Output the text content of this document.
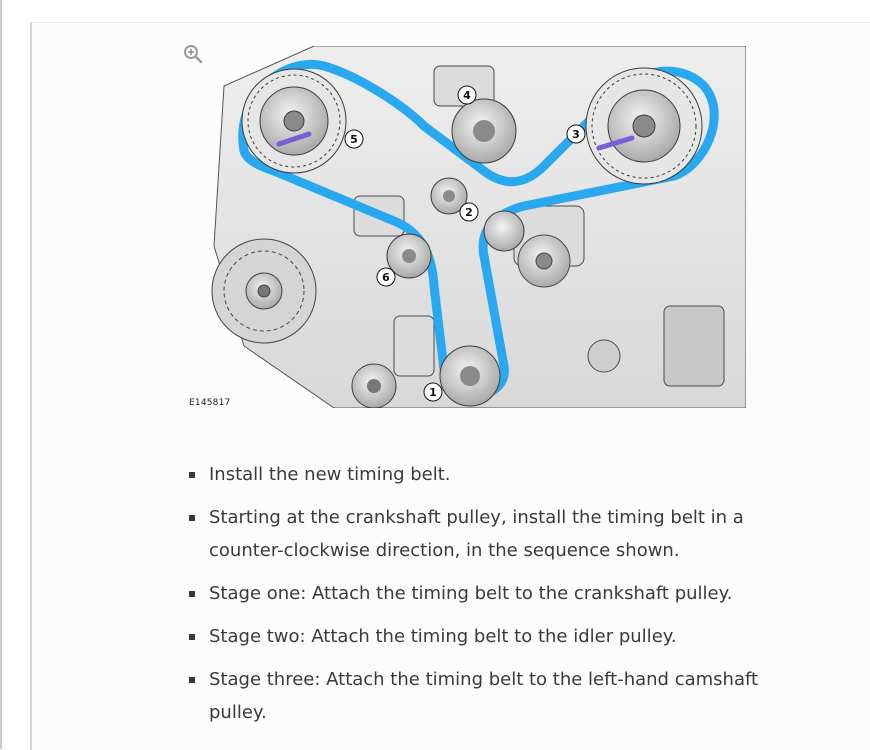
1
2
3
4
5
6
E145817
Install the new timing belt.
Starting at the crankshaft pulley, install the timing belt in a counter-clockwise direction, in the sequence shown.
Stage one: Attach the timing belt to the crankshaft pulley.
Stage two: Attach the timing belt to the idler pulley.
Stage three: Attach the timing belt to the left-hand camshaft pulley.
